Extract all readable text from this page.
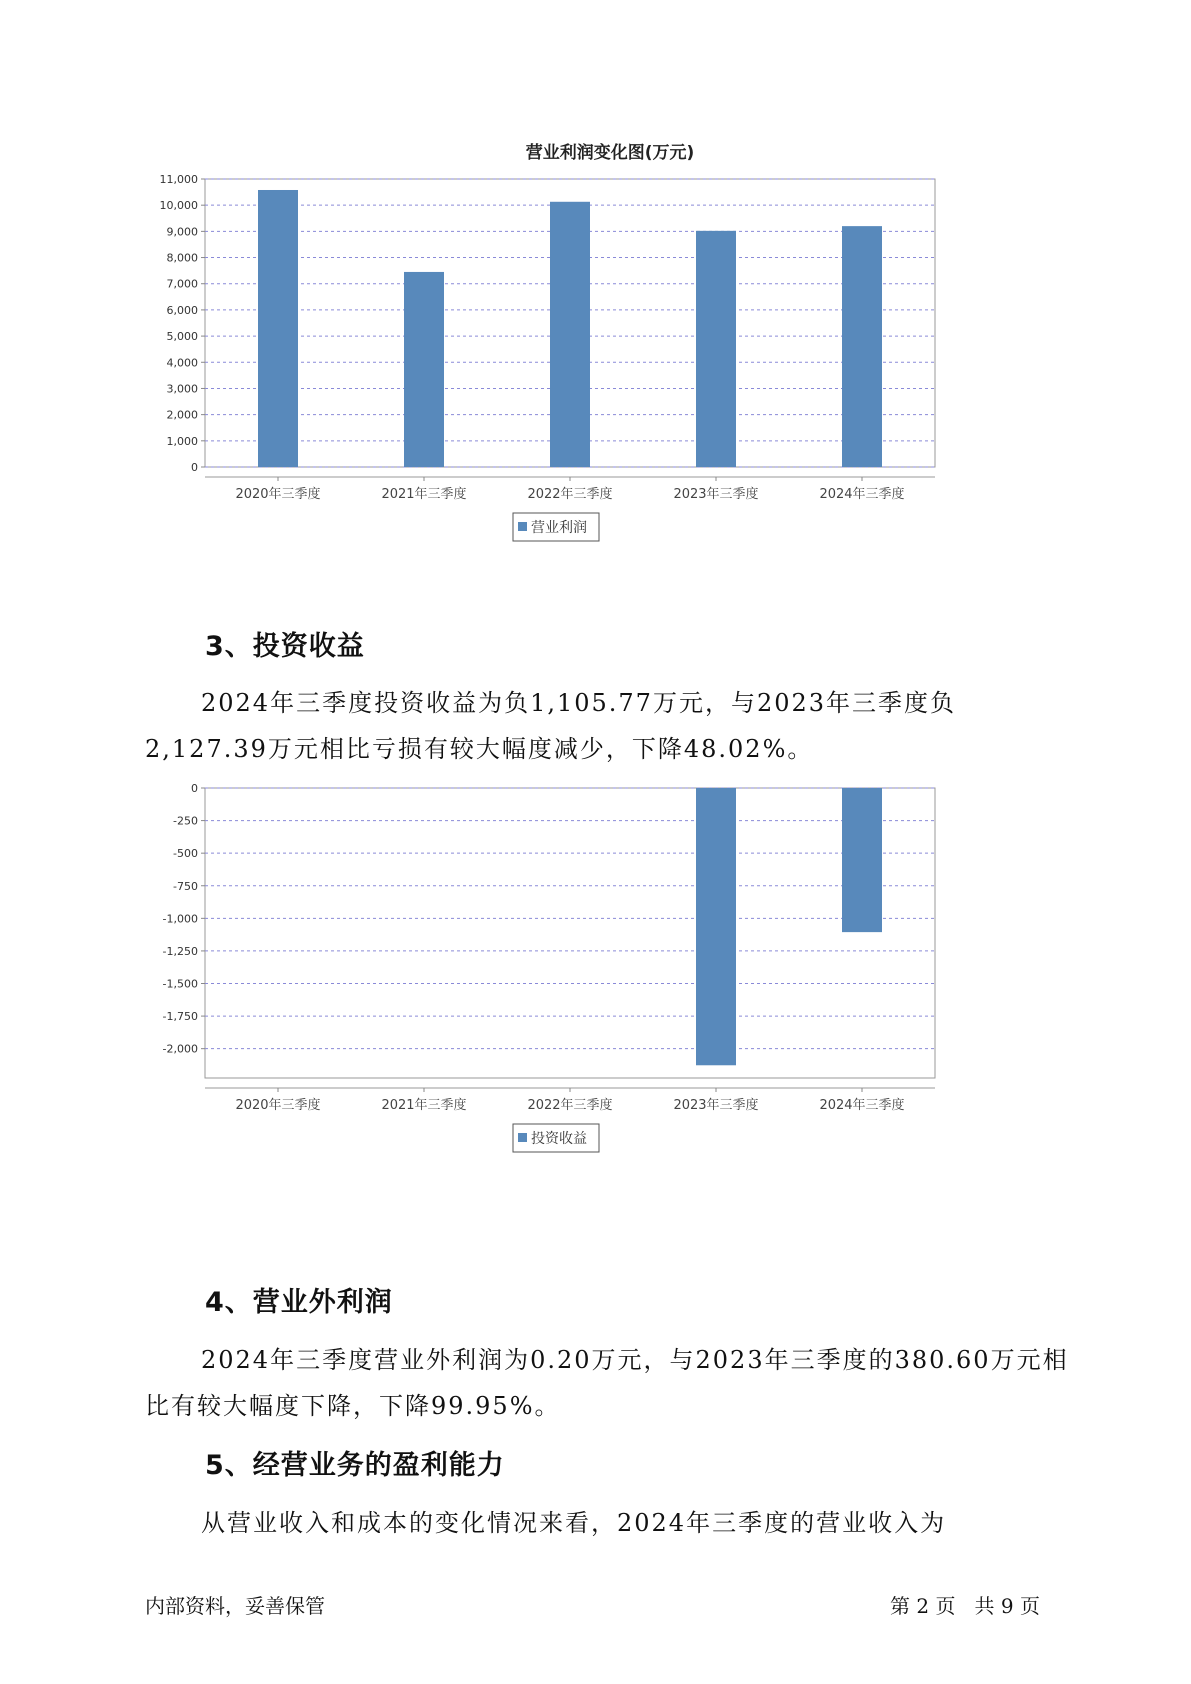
营业利润变化图(万元)
0
1,000
2,000
3,000
4,000
5,000
6,000
7,000
8,000
9,000
10,000
11,000
2020年三季度	2021年三季度	2022年三季度	2023年三季度	2024年三季度
营业利润
3、投资收益

2024年三季度投资收益为负1,105.77万元，与2023年三季度负2,127.39万元相比亏损有较大幅度减少，下降48.02%。

0
-250
-500
-750
-1,000
-1,250
-1,500
-1,750
-2,000
2020年三季度	2021年三季度	2022年三季度	2023年三季度	2024年三季度
投资收益
4、营业外利润

2024年三季度营业外利润为0.20万元，与2023年三季度的380.60万元相比有较大幅度下降，下降99.95%。

5、经营业务的盈利能力

从营业收入和成本的变化情况来看，2024年三季度的营业收入为

内部资料，妥善保管	第 2 页   共 9 页
